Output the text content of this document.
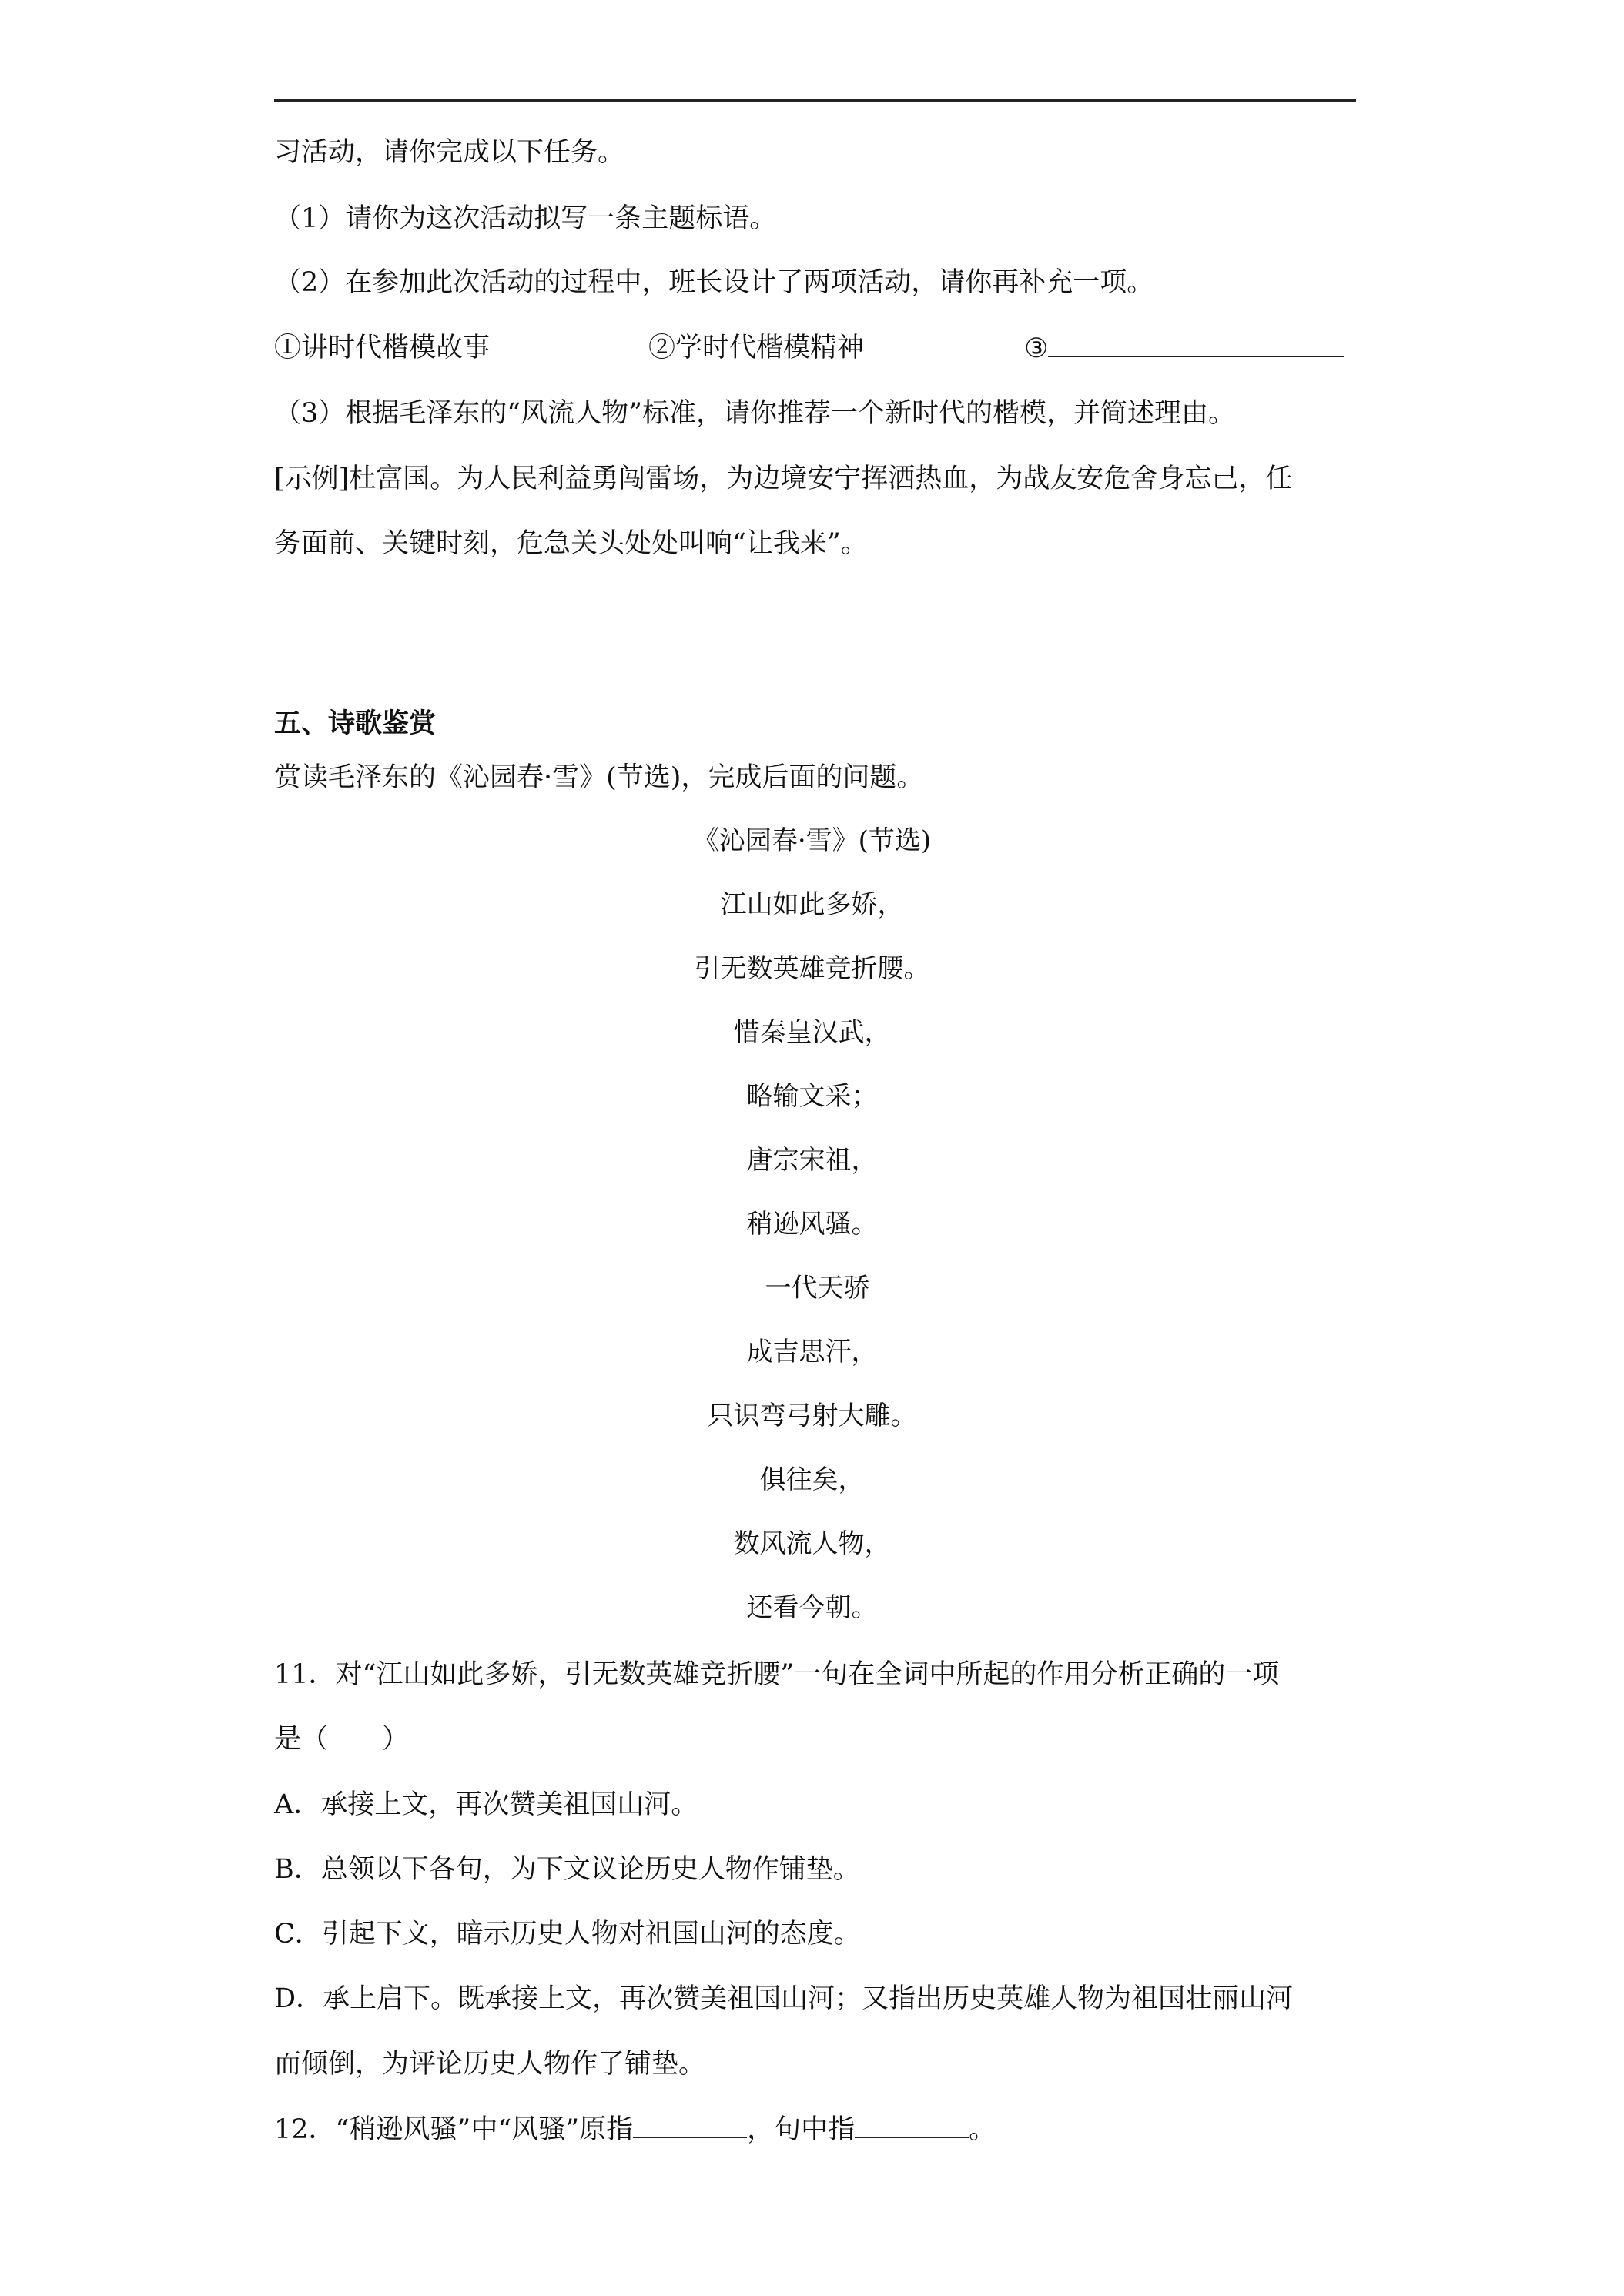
习活动，请你完成以下任务。
（1）请你为这次活动拟写一条主题标语。
（2）在参加此次活动的过程中，班长设计了两项活动，请你再补充一项。
①讲时代楷模故事	②学时代楷模精神	③
（3）根据毛泽东的“风流人物”标准，请你推荐一个新时代的楷模，并简述理由。
[示例]杜富国。为人民利益勇闯雷场，为边境安宁挥洒热血，为战友安危舍身忘己，任
务面前、关键时刻，危急关头处处叫响“让我来”。
五、诗歌鉴赏
赏读毛泽东的《沁园春·雪》(节选)，完成后面的问题。
《沁园春·雪》(节选)
江山如此多娇，
引无数英雄竞折腰。
惜秦皇汉武，
略输文采；
唐宗宋祖，
稍逊风骚。
一代天骄
成吉思汗，
只识弯弓射大雕。
俱往矣，
数风流人物，
还看今朝。
11．对“江山如此多娇，引无数英雄竞折腰”一句在全词中所起的作用分析正确的一项
是（　　）
A．承接上文，再次赞美祖国山河。
B．总领以下各句，为下文议论历史人物作铺垫。
C．引起下文，暗示历史人物对祖国山河的态度。
D．承上启下。既承接上文，再次赞美祖国山河；又指出历史英雄人物为祖国壮丽山河
而倾倒，为评论历史人物作了铺垫。
12．“稍逊风骚”中“风骚”原指	，句中指	。
